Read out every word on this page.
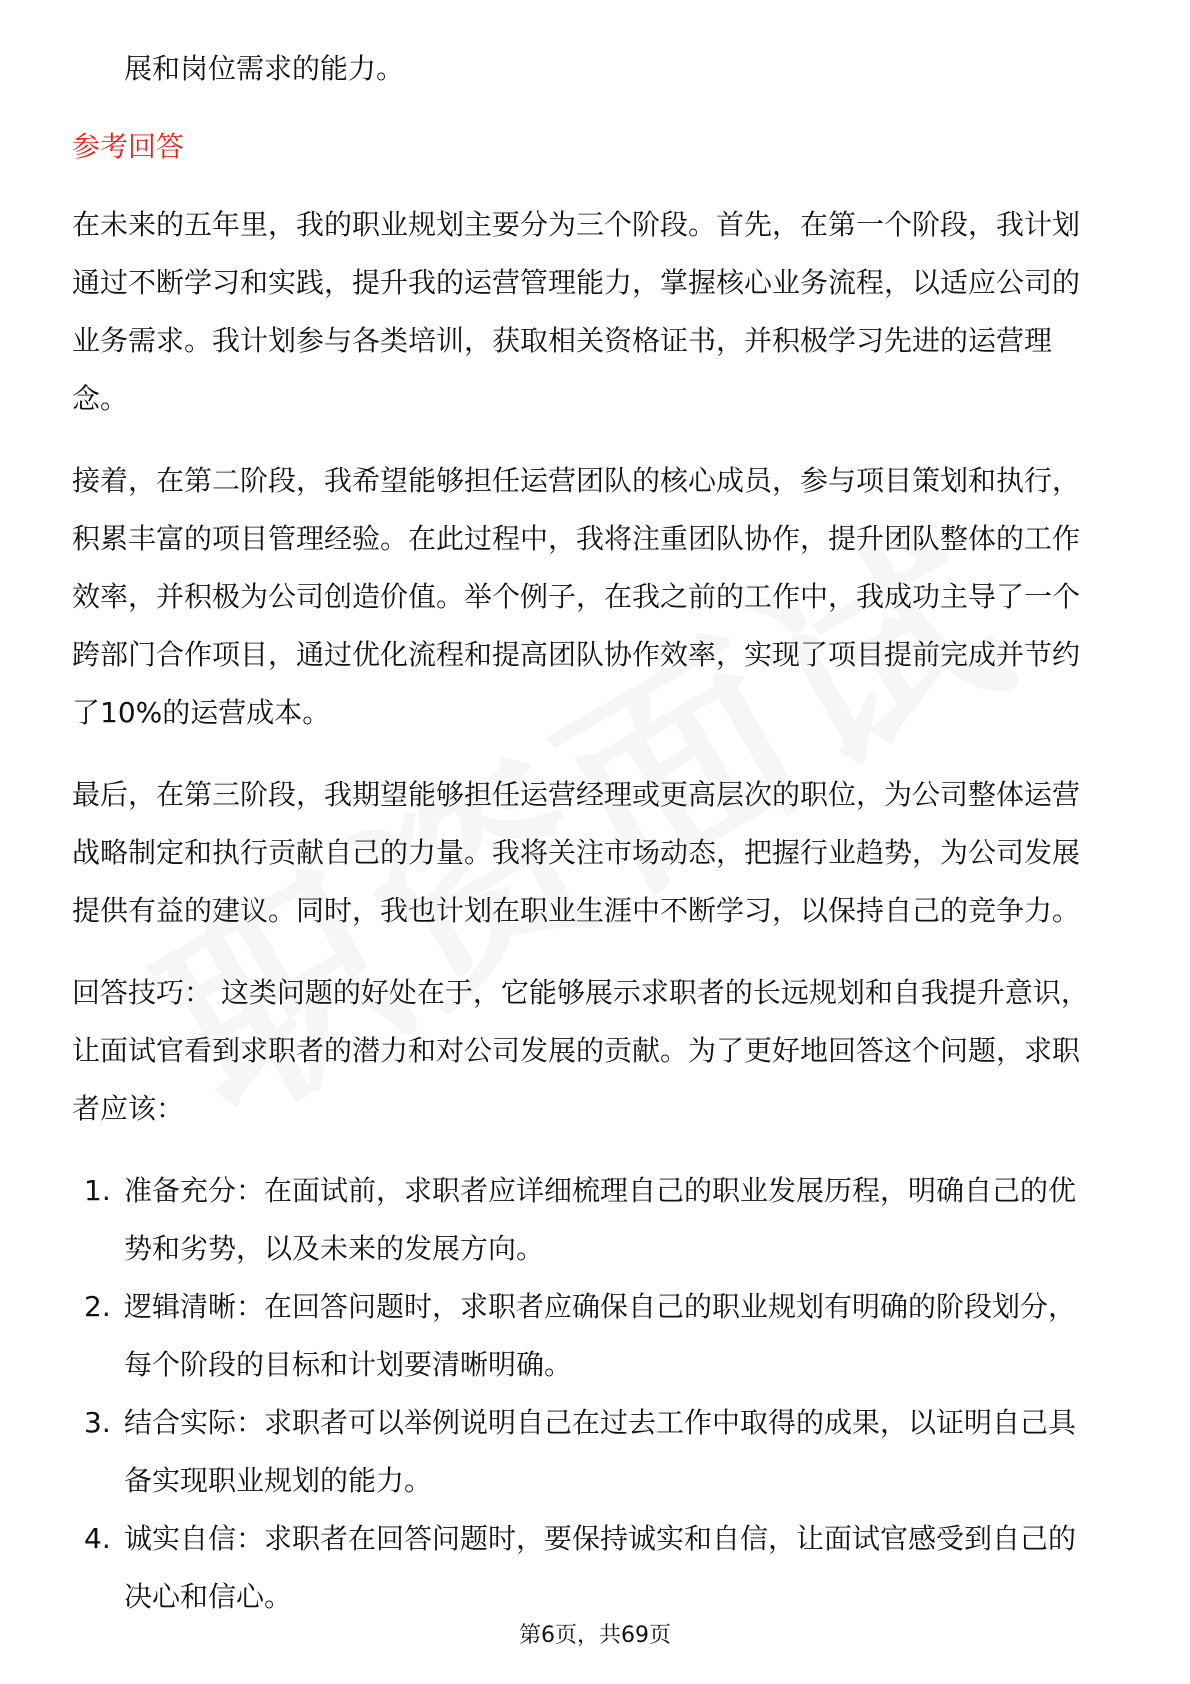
展和岗位需求的能力。
参考回答
在未来的五年里，我的职业规划主要分为三个阶段。首先，在第一个阶段，我计划
通过不断学习和实践，提升我的运营管理能力，掌握核心业务流程，以适应公司的
业务需求。我计划参与各类培训，获取相关资格证书，并积极学习先进的运营理
念。
接着，在第二阶段，我希望能够担任运营团队的核心成员，参与项目策划和执行，
积累丰富的项目管理经验。在此过程中，我将注重团队协作，提升团队整体的工作
效率，并积极为公司创造价值。举个例子，在我之前的工作中，我成功主导了一个
跨部门合作项目，通过优化流程和提高团队协作效率，实现了项目提前完成并节约
了10%的运营成本。
最后，在第三阶段，我期望能够担任运营经理或更高层次的职位，为公司整体运营
战略制定和执行贡献自己的力量。我将关注市场动态，把握行业趋势，为公司发展
提供有益的建议。同时，我也计划在职业生涯中不断学习，以保持自己的竞争力。
回答技巧： 这类问题的好处在于，它能够展示求职者的长远规划和自我提升意识，
让面试官看到求职者的潜力和对公司发展的贡献。为了更好地回答这个问题，求职
者应该：
1. 准备充分：在面试前，求职者应详细梳理自己的职业发展历程，明确自己的优
势和劣势，以及未来的发展方向。
2. 逻辑清晰：在回答问题时，求职者应确保自己的职业规划有明确的阶段划分，
每个阶段的目标和计划要清晰明确。
3. 结合实际：求职者可以举例说明自己在过去工作中取得的成果，以证明自己具
备实现职业规划的能力。
4. 诚实自信：求职者在回答问题时，要保持诚实和自信，让面试官感受到自己的
决心和信心。
第6页，共69页
